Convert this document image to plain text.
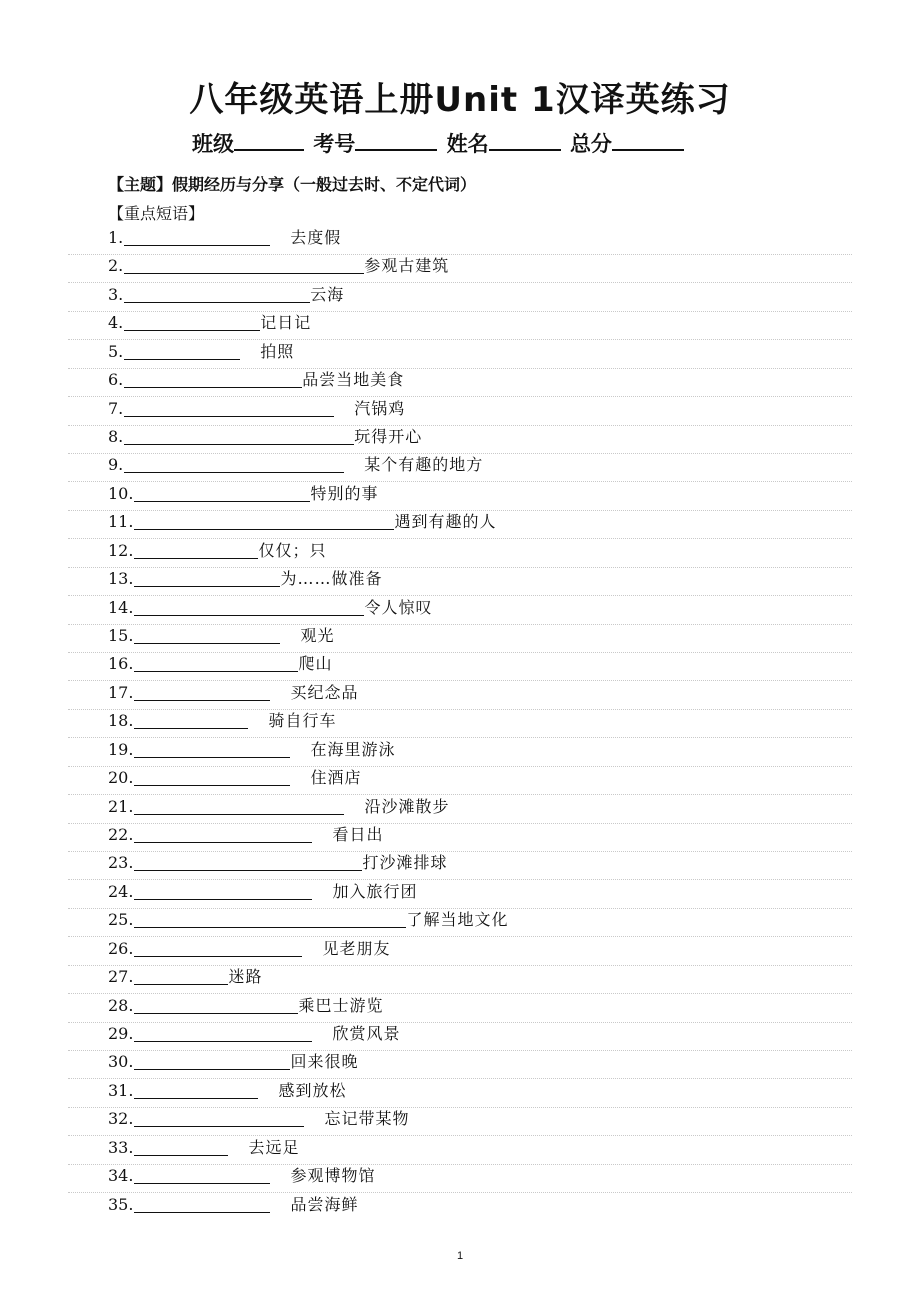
八年级英语上册Unit 1汉译英练习
班级	考号	姓名	总分
【主题】假期经历与分享（一般过去时、不定代词）
【重点短语】
1.	去度假
2.	参观古建筑
3.	云海
4.	记日记
5.	拍照
6.	品尝当地美食
7.	汽锅鸡
8.	玩得开心
9.	某个有趣的地方
10.	特别的事
11.	遇到有趣的人
12.	仅仅；只
13.	为……做准备
14.	令人惊叹
15.	观光
16.	爬山
17.	买纪念品
18.	骑自行车
19.	在海里游泳
20.	住酒店
21.	沿沙滩散步
22.	看日出
23.	打沙滩排球
24.	加入旅行团
25.	了解当地文化
26.	见老朋友
27.	迷路
28.	乘巴士游览
29.	欣赏风景
30.	回来很晚
31.	感到放松
32.	忘记带某物
33.	去远足
34.	参观博物馆
35.	品尝海鲜
1
